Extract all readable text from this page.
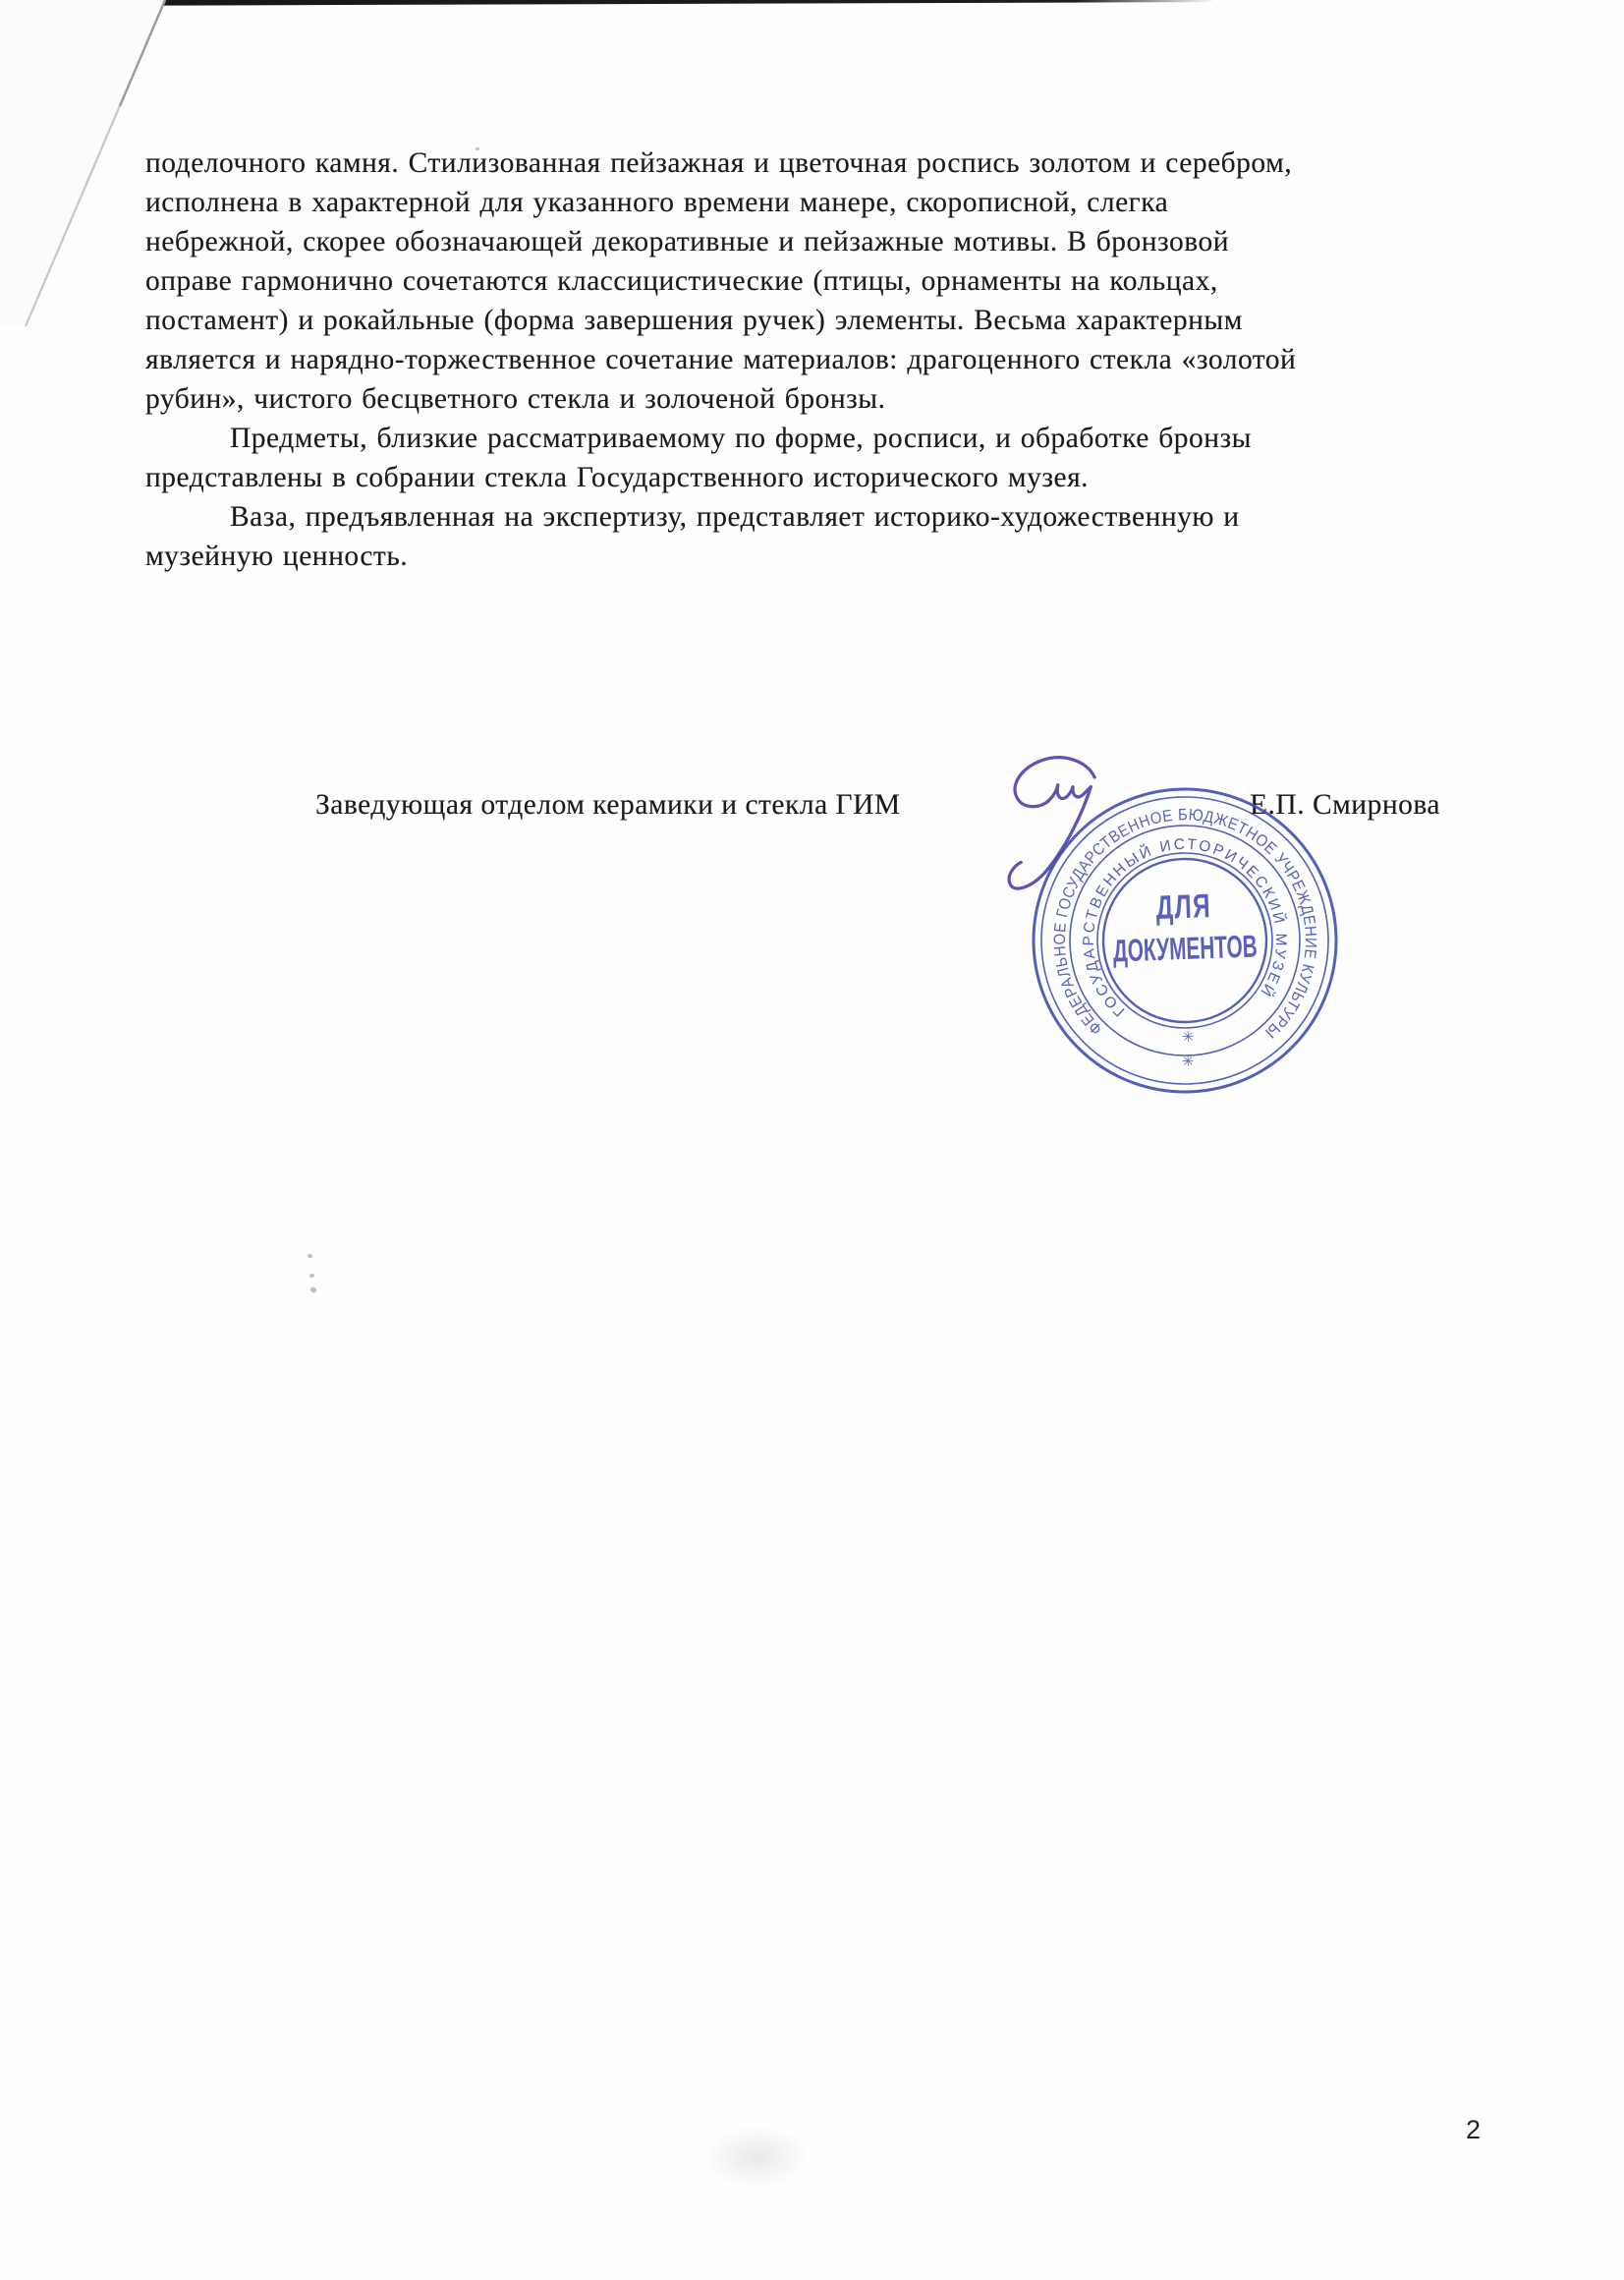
поделочного камня. Стилизованная пейзажная и цветочная роспись золотом и серебром,
исполнена в характерной для указанного времени манере, скорописной, слегка
небрежной, скорее обозначающей декоративные и пейзажные мотивы. В бронзовой
оправе гармонично сочетаются классицистические (птицы, орнаменты на кольцах,
постамент) и рокайльные (форма завершения ручек) элементы. Весьма характерным
является и нарядно-торжественное сочетание материалов: драгоценного стекла «золотой
рубин», чистого бесцветного стекла и золоченой бронзы.
Предметы, близкие рассматриваемому по форме, росписи, и обработке бронзы
представлены в собрании стекла Государственного исторического музея.
Ваза, предъявленная на экспертизу, представляет историко-художественную и
музейную ценность.
Заведующая отделом керамики и стекла ГИМ	Е.П. Смирнова
ФЕДЕРАЛЬНОЕ ГОСУДАРСТВЕННОЕ БЮДЖЕТНОЕ УЧРЕЖДЕНИЕ КУЛЬТУРЫ
ГОСУДАРСТВЕННЫЙ ИСТОРИЧЕСКИЙ МУЗЕЙ
ДЛЯ
ДОКУМЕНТОВ
✳
✳
2
